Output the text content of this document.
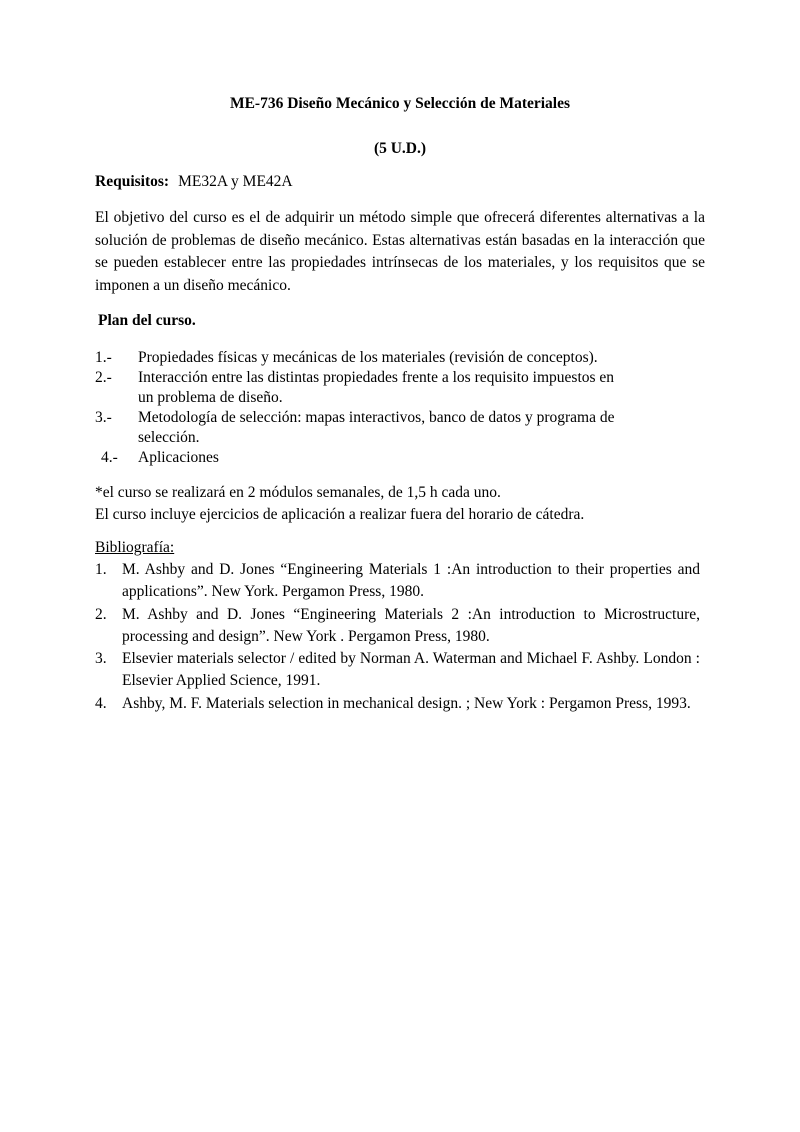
ME-736 Diseño Mecánico y Selección de Materiales
(5 U.D.)

Requisitos: ME32A y ME42A

El objetivo del curso es el de adquirir un método simple que ofrecerá diferentes alternativas a la solución de problemas de diseño mecánico. Estas alternativas están basadas en la interacción que se pueden establecer entre las propiedades intrínsecas de los materiales, y los requisitos que se imponen a un diseño mecánico.

Plan del curso.
1.-	Propiedades físicas y mecánicas de los materiales (revisión de conceptos).
2.-	Interacción entre las distintas propiedades frente a los requisito impuestos en un problema de diseño.
3.-	Metodología de selección: mapas interactivos, banco de datos y programa de selección.
4.-	Aplicaciones

*el curso se realizará en 2 módulos semanales, de 1,5 h cada uno.

El curso incluye ejercicios de aplicación a realizar fuera del horario de cátedra.

Bibliografía:
1. M. Ashby and D. Jones “Engineering Materials 1 :An introduction to their properties and applications”. New York. Pergamon Press, 1980.
2. M. Ashby and D. Jones “Engineering Materials 2 :An introduction to Microstructure, processing and design”. New York . Pergamon Press, 1980.
3. Elsevier materials selector / edited by Norman A. Waterman and Michael F. Ashby. London : Elsevier Applied Science, 1991.
4. Ashby, M. F. Materials selection in mechanical design. ; New York : Pergamon Press, 1993.
